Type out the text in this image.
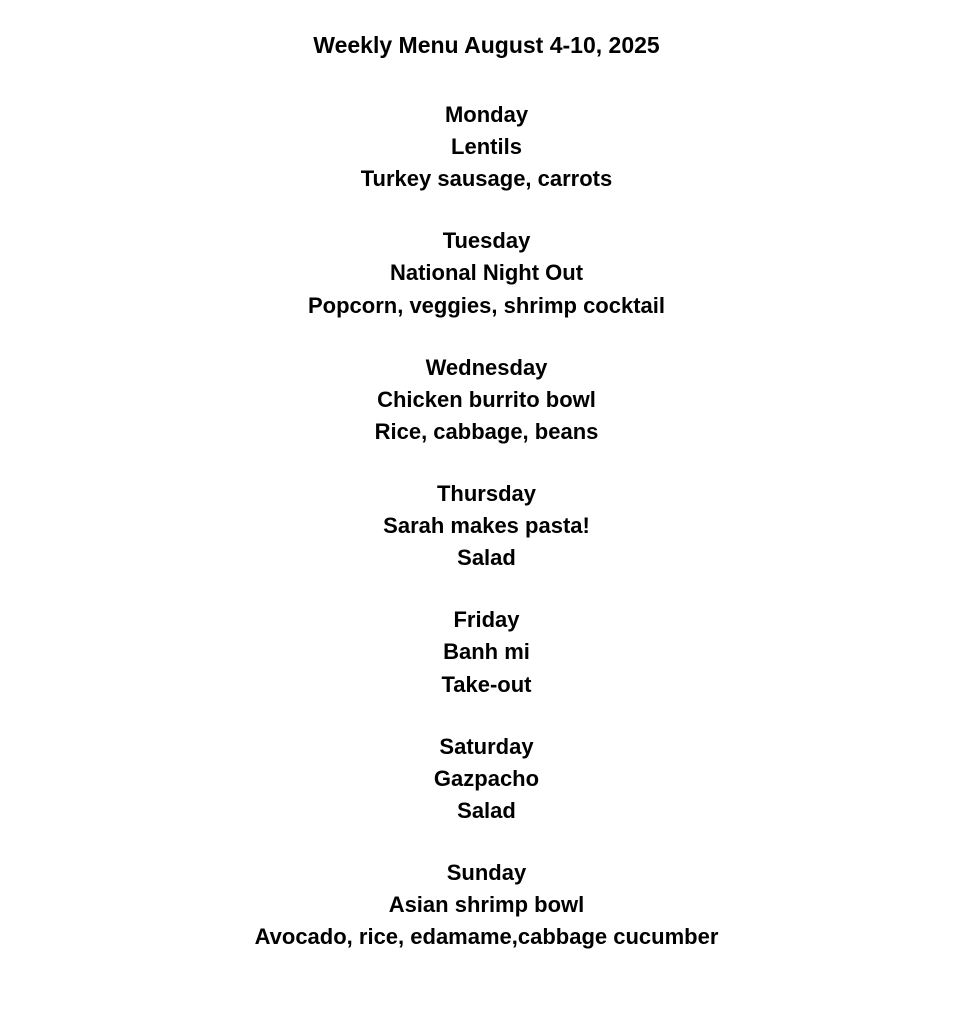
Weekly Menu August 4-10, 2025
Monday
Lentils
Turkey sausage, carrots
Tuesday
National Night Out
Popcorn, veggies, shrimp cocktail
Wednesday
Chicken burrito bowl
Rice, cabbage, beans
Thursday
Sarah makes pasta!
Salad
Friday
Banh mi
Take-out
Saturday
Gazpacho
Salad
Sunday
Asian shrimp bowl
Avocado, rice, edamame,cabbage cucumber
